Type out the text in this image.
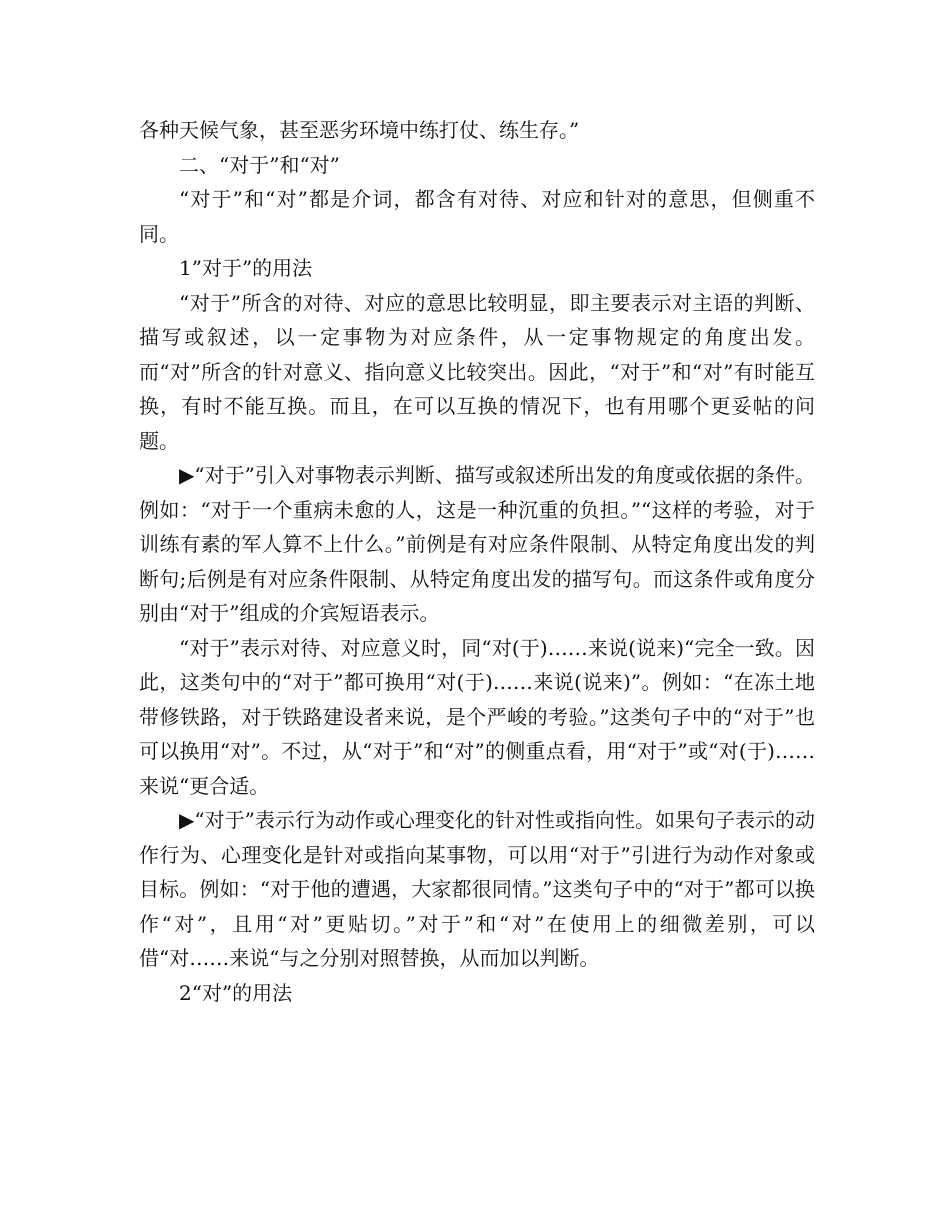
各种天候气象，甚至恶劣环境中练打仗、练生存。”

二、“对于”和“对”

“对于”和“对”都是介词，都含有对待、对应和针对的意思，但侧重不同。

1”对于”的用法

“对于”所含的对待、对应的意思比较明显，即主要表示对主语的判断、描写或叙述，以一定事物为对应条件，从一定事物规定的角度出发。而“对”所含的针对意义、指向意义比较突出。因此，“对于”和“对”有时能互换，有时不能互换。而且，在可以互换的情况下，也有用哪个更妥帖的问题。

▶“对于”引入对事物表示判断、描写或叙述所出发的角度或依据的条件。例如：“对于一个重病未愈的人，这是一种沉重的负担。”“这样的考验，对于训练有素的军人算不上什么。”前例是有对应条件限制、从特定角度出发的判断句;后例是有对应条件限制、从特定角度出发的描写句。而这条件或角度分别由“对于”组成的介宾短语表示。

“对于”表示对待、对应意义时，同“对(于)……来说(说来)“完全一致。因此，这类句中的“对于”都可换用“对(于)……来说(说来)”。例如：“在冻土地带修铁路，对于铁路建设者来说，是个严峻的考验。”这类句子中的“对于”也可以换用“对”。不过，从“对于”和“对”的侧重点看，用“对于”或“对(于)……来说“更合适。

▶“对于”表示行为动作或心理变化的针对性或指向性。如果句子表示的动作行为、心理变化是针对或指向某事物，可以用“对于”引进行为动作对象或目标。例如：“对于他的遭遇，大家都很同情。”这类句子中的“对于”都可以换作“对”，且用“对”更贴切。”对于”和“对”在使用上的细微差别，可以借“对……来说“与之分别对照替换，从而加以判断。

2“对”的用法
